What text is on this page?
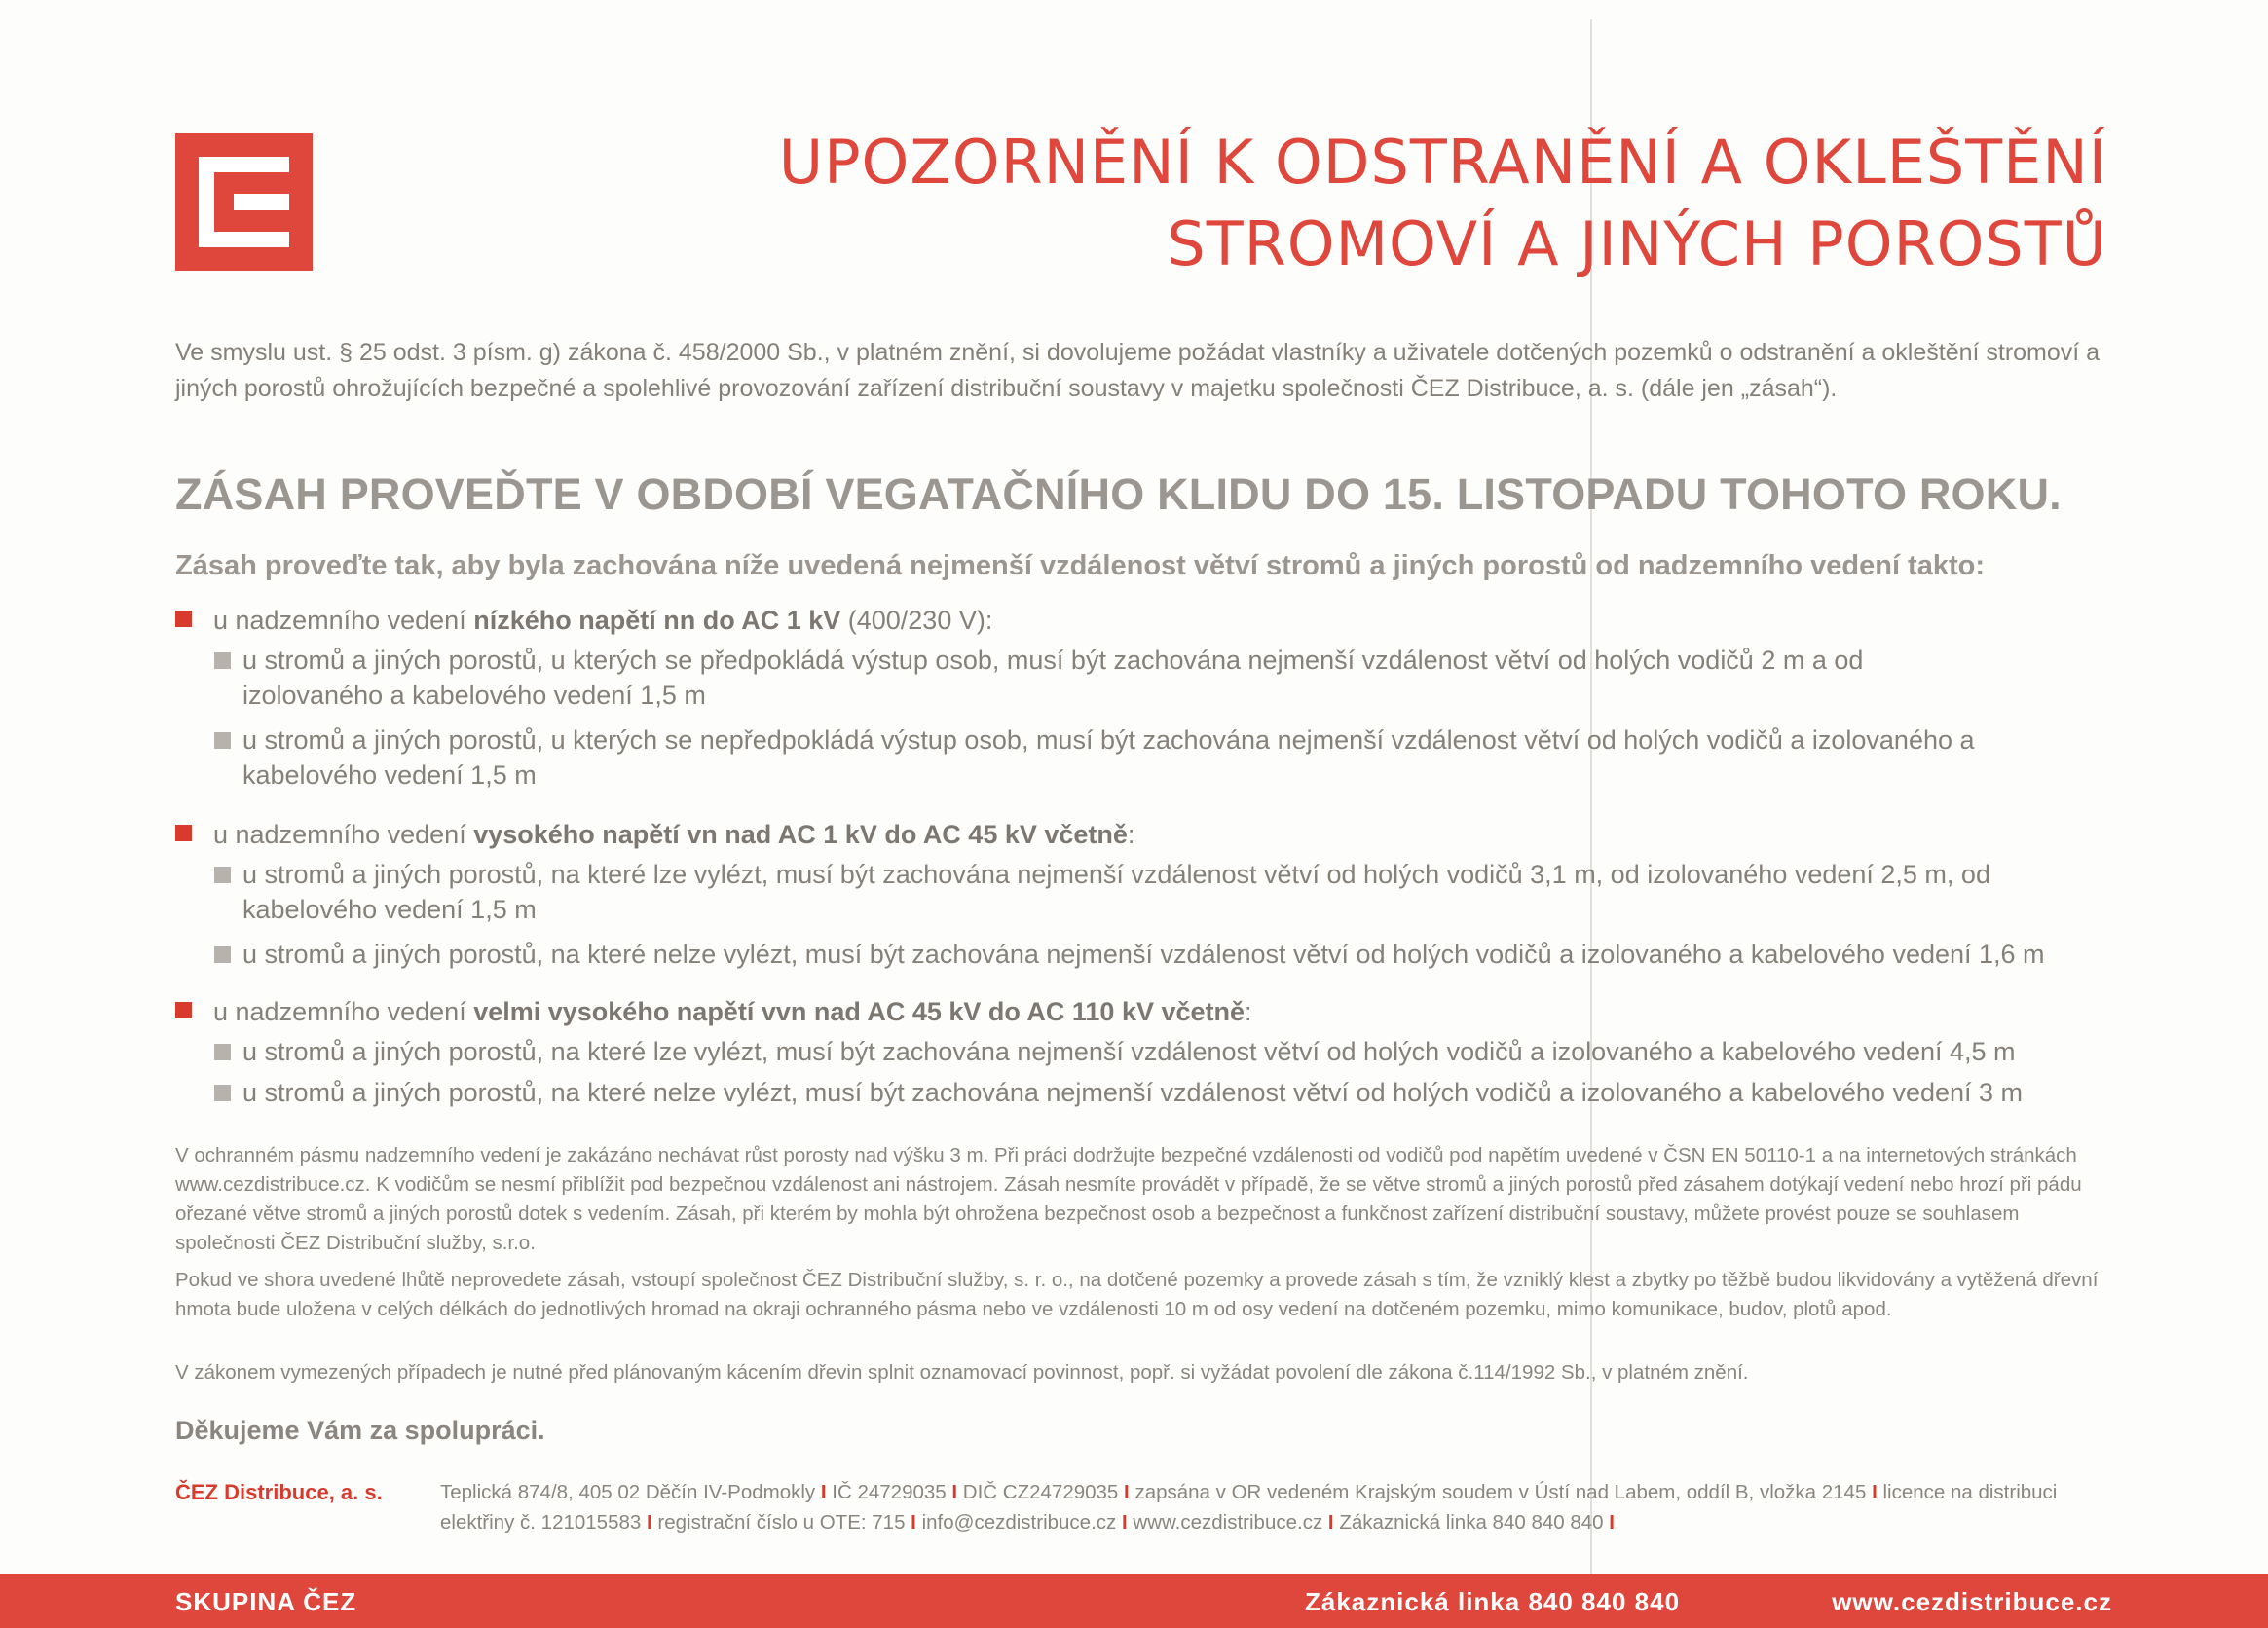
UPOZORNĚNÍ K ODSTRANĚNÍ A OKLEŠTĚNÍ
STROMOVÍ A JINÝCH POROSTŮ
Ve smyslu ust. § 25 odst. 3 písm. g) zákona č. 458/2000 Sb., v platném znění, si dovolujeme požádat vlastníky a uživatele dotčených pozemků o odstranění a okleštění stromoví a jiných porostů ohrožujících bezpečné a spolehlivé provozování zařízení distribuční soustavy v majetku společnosti ČEZ Distribuce, a. s. (dále jen „zásah“).
ZÁSAH PROVEĎTE V OBDOBÍ VEGATAČNÍHO KLIDU DO 15. LISTOPADU TOHOTO ROKU.
Zásah proveďte tak, aby byla zachována níže uvedená nejmenší vzdálenost větví stromů a jiných porostů od nadzemního vedení takto:
u nadzemního vedení nízkého napětí nn do AC 1 kV (400/230 V):
u stromů a jiných porostů, u kterých se předpokládá výstup osob, musí být zachována nejmenší vzdálenost větví od holých vodičů 2 m a od izolovaného a kabelového vedení 1,5 m
u stromů a jiných porostů, u kterých se nepředpokládá výstup osob, musí být zachována nejmenší vzdálenost větví od holých vodičů a izolovaného a kabelového vedení 1,5 m
u nadzemního vedení vysokého napětí vn nad AC 1 kV do AC 45 kV včetně:
u stromů a jiných porostů, na které lze vylézt, musí být zachována nejmenší vzdálenost větví od holých vodičů 3,1 m, od izolovaného vedení 2,5 m, od kabelového vedení 1,5 m
u stromů a jiných porostů, na které nelze vylézt, musí být zachována nejmenší vzdálenost větví od holých vodičů a izolovaného a kabelového vedení 1,6 m
u nadzemního vedení velmi vysokého napětí vvn nad AC 45 kV do AC 110 kV včetně:
u stromů a jiných porostů, na které lze vylézt, musí být zachována nejmenší vzdálenost větví od holých vodičů a izolovaného a kabelového vedení 4,5 m
u stromů a jiných porostů, na které nelze vylézt, musí být zachována nejmenší vzdálenost větví od holých vodičů a izolovaného a kabelového vedení 3 m
V ochranném pásmu nadzemního vedení je zakázáno nechávat růst porosty nad výšku 3 m. Při práci dodržujte bezpečné vzdálenosti od vodičů pod napětím uvedené v ČSN EN 50110-1 a na internetových stránkách www.cezdistribuce.cz. K vodičům se nesmí přiblížit pod bezpečnou vzdálenost ani nástrojem. Zásah nesmíte provádět v případě, že se větve stromů a jiných porostů před zásahem dotýkají vedení nebo hrozí při pádu ořezané větve stromů a jiných porostů dotek s vedením. Zásah, při kterém by mohla být ohrožena bezpečnost osob a bezpečnost a funkčnost zařízení distribuční soustavy, můžete provést pouze se souhlasem společnosti ČEZ Distribuční služby, s.r.o.
Pokud ve shora uvedené lhůtě neprovedete zásah, vstoupí společnost ČEZ Distribuční služby, s. r. o., na dotčené pozemky a provede zásah s tím, že vzniklý klest a zbytky po těžbě budou likvidovány a vytěžená dřevní hmota bude uložena v celých délkách do jednotlivých hromad na okraji ochranného pásma nebo ve vzdálenosti 10 m od osy vedení na dotčeném pozemku, mimo komunikace, budov, plotů apod.
V zákonem vymezených případech je nutné před plánovaným kácením dřevin splnit oznamovací povinnost, popř. si vyžádat povolení dle zákona č.114/1992 Sb., v platném znění.
Děkujeme Vám za spolupráci.
ČEZ Distribuce, a. s.	Teplická 874/8, 405 02 Děčín IV-Podmokly I IČ 24729035 I DIČ CZ24729035 I zapsána v OR vedeném Krajským soudem v Ústí nad Labem, oddíl B, vložka 2145 I licence na distribuci elektřiny č. 121015583 I registrační číslo u OTE: 715 I info@cezdistribuce.cz I www.cezdistribuce.cz I Zákaznická linka 840 840 840 I
SKUPINA ČEZ	Zákaznická linka 840 840 840	www.cezdistribuce.cz
